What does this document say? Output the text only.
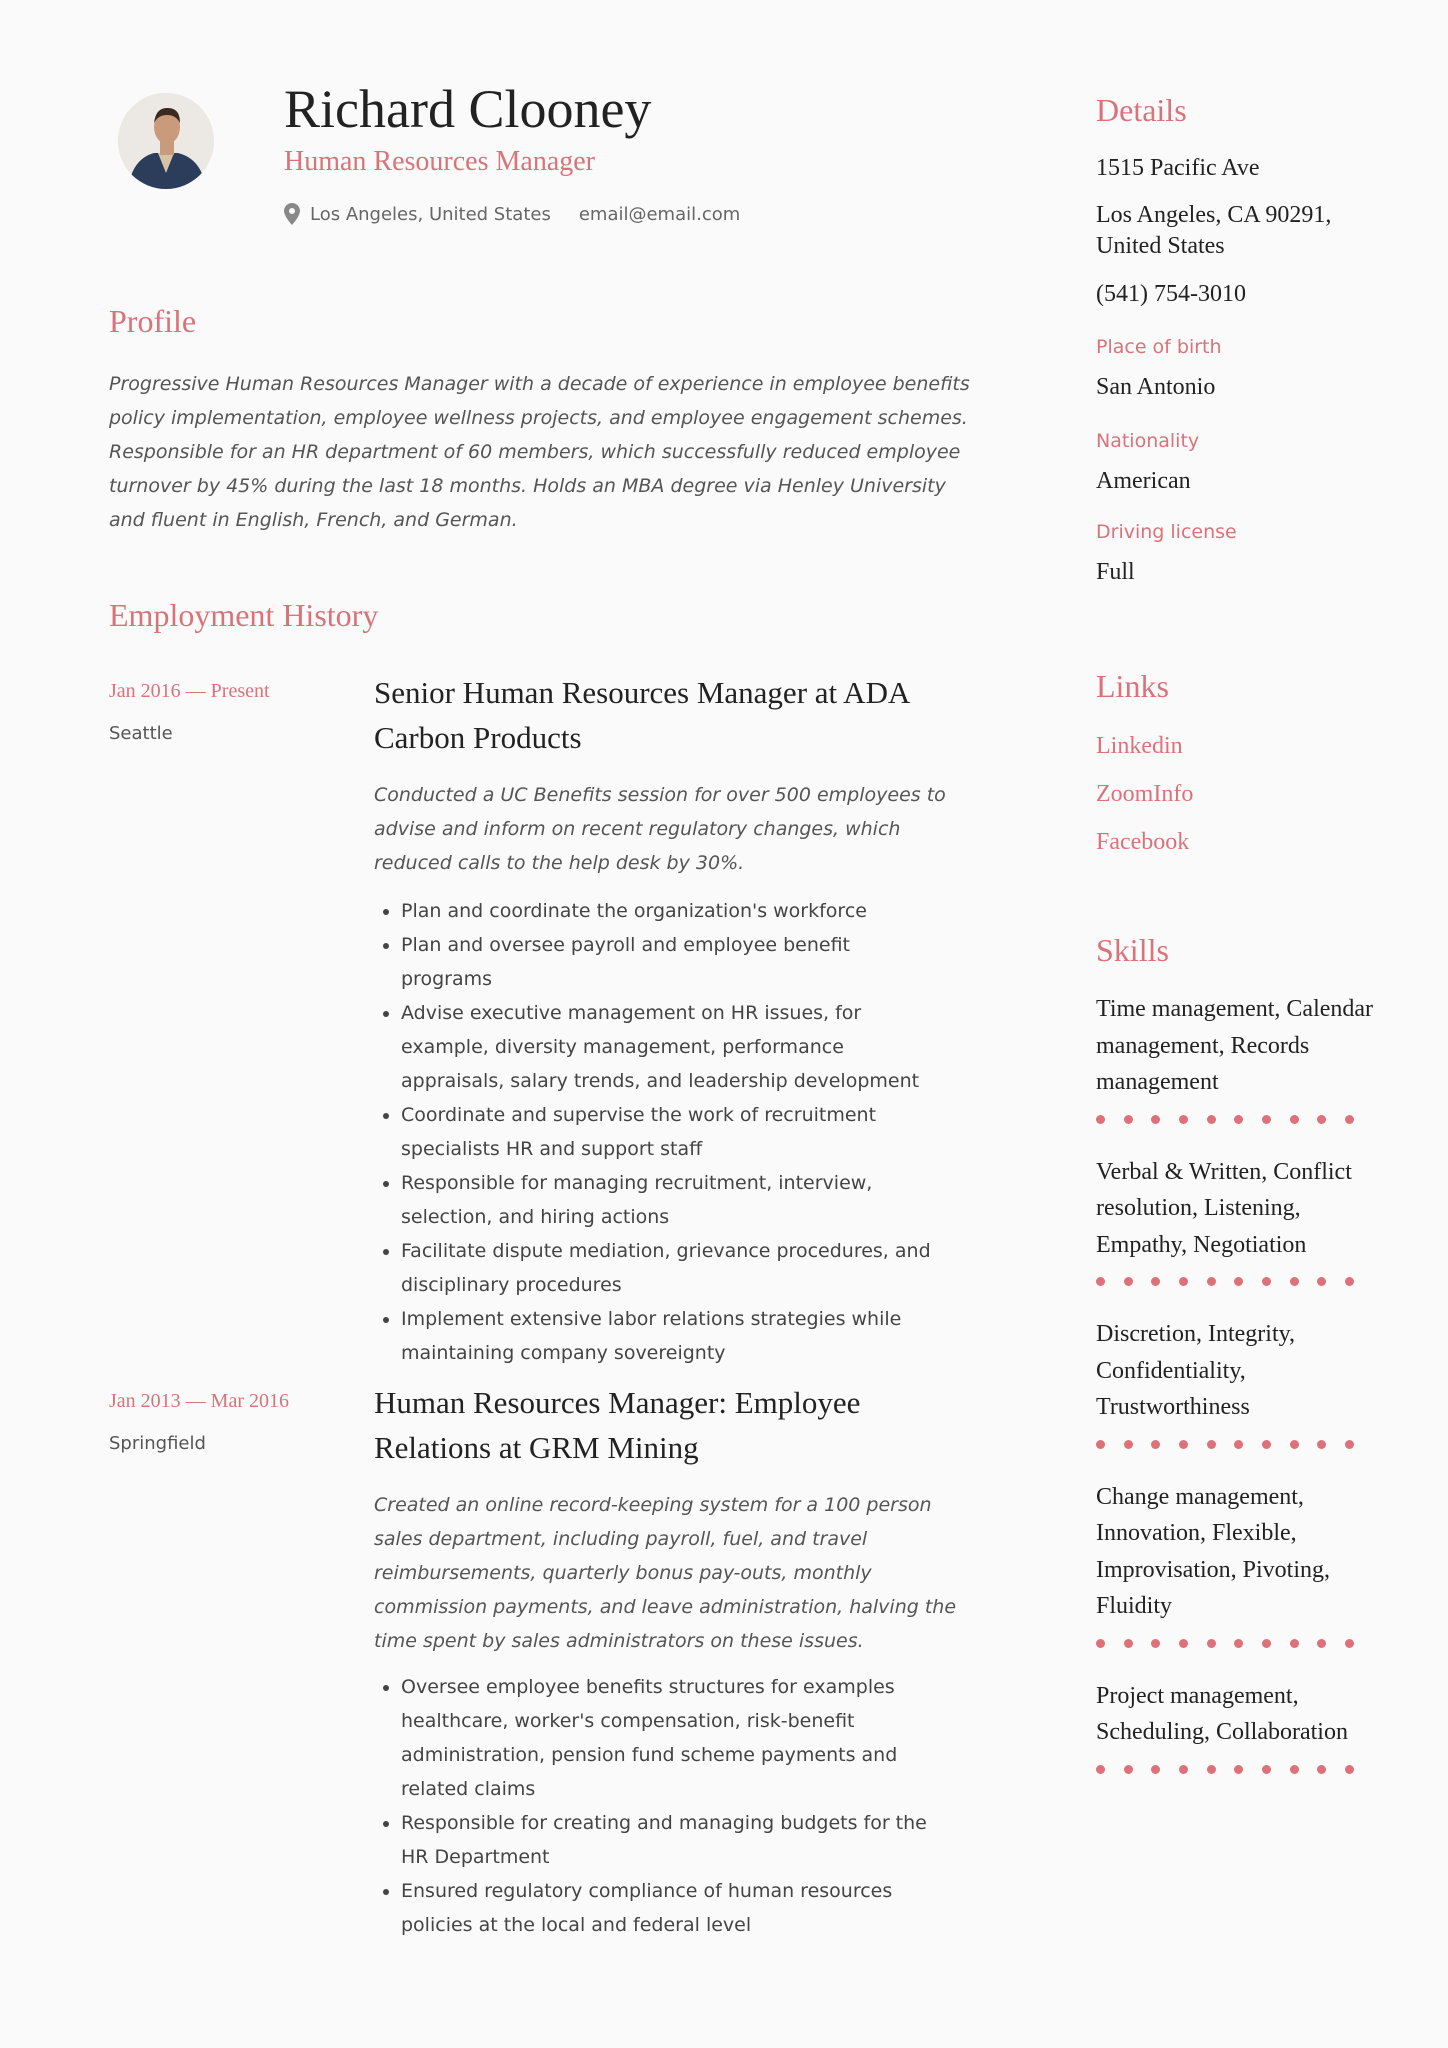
Richard Clooney
Human Resources Manager
Los Angeles, United States email@email.com
Profile
Progressive Human Resources Manager with a decade of experience in employee benefits policy implementation, employee wellness projects, and employee engagement schemes. Responsible for an HR department of 60 members, which successfully reduced employee turnover by 45% during the last 18 months. Holds an MBA degree via Henley University and fluent in English, French, and German.
Employment History
Jan 2016 — Present
Seattle
Senior Human Resources Manager at ADA Carbon Products
Conducted a UC Benefits session for over 500 employees to advise and inform on recent regulatory changes, which reduced calls to the help desk by 30%.
• Plan and coordinate the organization's workforce
• Plan and oversee payroll and employee benefit programs
• Advise executive management on HR issues, for example, diversity management, performance appraisals, salary trends, and leadership development
• Coordinate and supervise the work of recruitment specialists HR and support staff
• Responsible for managing recruitment, interview, selection, and hiring actions
• Facilitate dispute mediation, grievance procedures, and disciplinary procedures
• Implement extensive labor relations strategies while maintaining company sovereignty
Jan 2013 — Mar 2016
Springfield
Human Resources Manager: Employee Relations at GRM Mining
Created an online record-keeping system for a 100 person sales department, including payroll, fuel, and travel reimbursements, quarterly bonus pay-outs, monthly commission payments, and leave administration, halving the time spent by sales administrators on these issues.
• Oversee employee benefits structures for examples healthcare, worker's compensation, risk-benefit administration, pension fund scheme payments and related claims
• Responsible for creating and managing budgets for the HR Department
• Ensured regulatory compliance of human resources policies at the local and federal level
Details
1515 Pacific Ave
Los Angeles, CA 90291, United States
(541) 754-3010
Place of birth
San Antonio
Nationality
American
Driving license
Full
Links
Linkedin
ZoomInfo
Facebook
Skills
Time management, Calendar management, Records management
Verbal & Written, Conflict resolution, Listening, Empathy, Negotiation
Discretion, Integrity, Confidentiality, Trustworthiness
Change management, Innovation, Flexible, Improvisation, Pivoting, Fluidity
Project management, Scheduling, Collaboration
